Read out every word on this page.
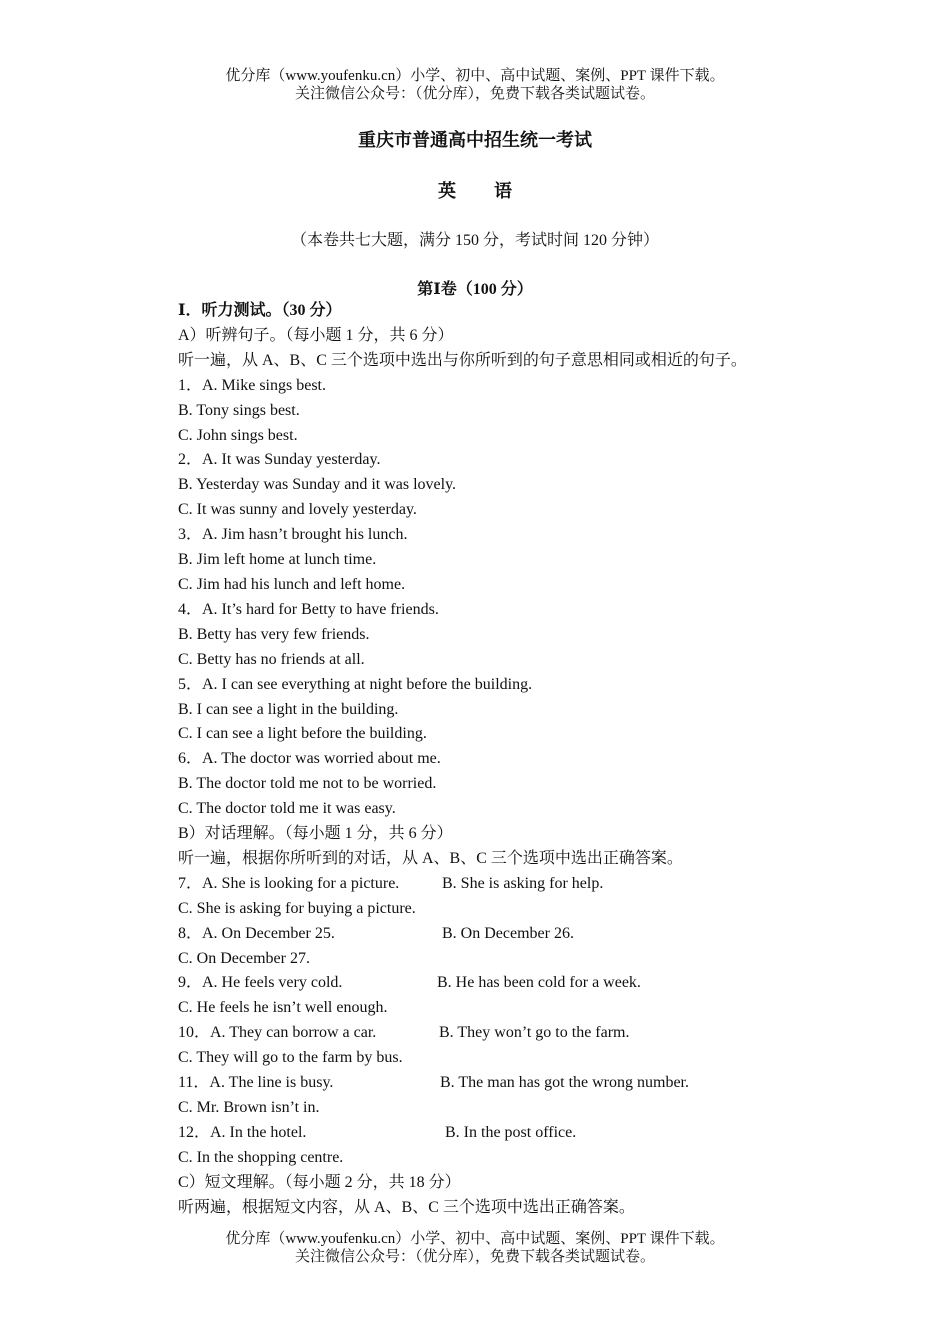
优分库（www.youfenku.cn）小学、初中、高中试题、案例、PPT 课件下载。
关注微信公众号：（优分库），免费下载各类试题试卷。
重庆市普通高中招生统一考试
英 语
（本卷共七大题，满分 150 分，考试时间 120 分钟）
第Ⅰ卷（100 分）
Ⅰ．听力测试。（30 分）
A）听辨句子。（每小题 1 分，共 6 分）
听一遍，从 A、B、C 三个选项中选出与你所听到的句子意思相同或相近的句子。
1．A. Mike sings best.
B. Tony sings best.
C. John sings best.
2．A. It was Sunday yesterday.
B. Yesterday was Sunday and it was lovely.
C. It was sunny and lovely yesterday.
3．A. Jim hasn’t brought his lunch.
B. Jim left home at lunch time.
C. Jim had his lunch and left home.
4．A. It’s hard for Betty to have friends.
B. Betty has very few friends.
C. Betty has no friends at all.
5．A. I can see everything at night before the building.
B. I can see a light in the building.
C. I can see a light before the building.
6．A. The doctor was worried about me.
B. The doctor told me not to be worried.
C. The doctor told me it was easy.
B）对话理解。（每小题 1 分，共 6 分）
听一遍，根据你所听到的对话，从 A、B、C 三个选项中选出正确答案。
7．A. She is looking for a picture.	B. She is asking for help.
C. She is asking for buying a picture.
8．A. On December 25.	B. On December 26.
C. On December 27.
9．A. He feels very cold.	B. He has been cold for a week.
C. He feels he isn’t well enough.
10．A. They can borrow a car.	B. They won’t go to the farm.
C. They will go to the farm by bus.
11．A. The line is busy.	B. The man has got the wrong number.
C. Mr. Brown isn’t in.
12．A. In the hotel.	B. In the post office.
C. In the shopping centre.
C）短文理解。（每小题 2 分，共 18 分）
听两遍，根据短文内容，从 A、B、C 三个选项中选出正确答案。
优分库（www.youfenku.cn）小学、初中、高中试题、案例、PPT 课件下载。
关注微信公众号：（优分库），免费下载各类试题试卷。
